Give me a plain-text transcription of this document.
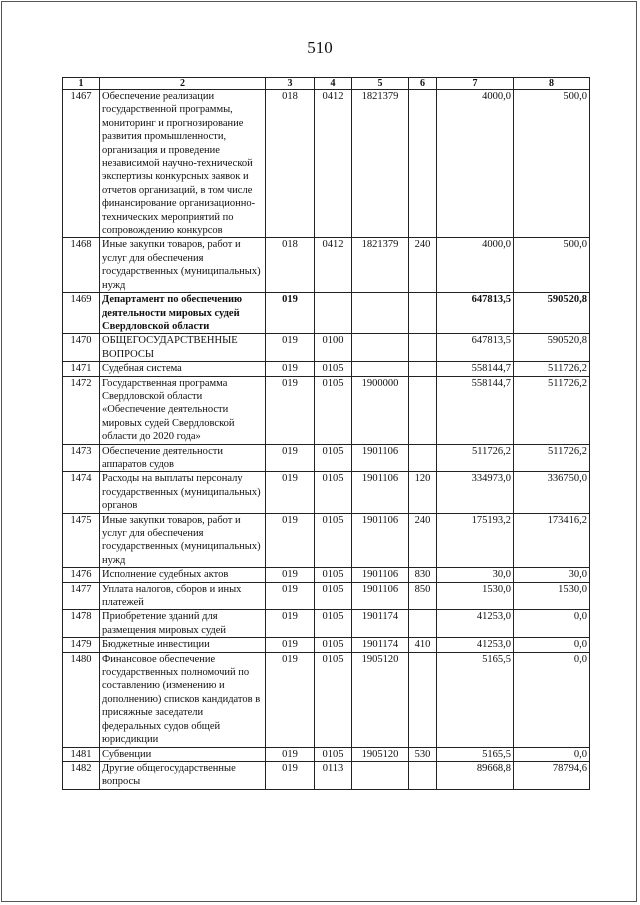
510
1	2	3	4	5	6	7	8
1467	Обеспечение реализации государственной программы, мониторинг и прогнозирование развития промышленности, организация и проведение независимой научно-технической экспертизы конкурсных заявок и отчетов организаций, в том числе финансирование организационно-технических мероприятий по сопровождению конкурсов	018	0412	1821379		4000,0	500,0
1468	Иные закупки товаров, работ и услуг для обеспечения государственных (муниципальных) нужд	018	0412	1821379	240	4000,0	500,0
1469	Департамент по обеспечению деятельности мировых судей Свердловской области	019				647813,5	590520,8
1470	ОБЩЕГОСУДАРСТВЕННЫЕ ВОПРОСЫ	019	0100			647813,5	590520,8
1471	Судебная система	019	0105			558144,7	511726,2
1472	Государственная программа Свердловской области «Обеспечение деятельности мировых судей Свердловской области до 2020 года»	019	0105	1900000		558144,7	511726,2
1473	Обеспечение деятельности аппаратов судов	019	0105	1901106		511726,2	511726,2
1474	Расходы на выплаты персоналу государственных (муниципальных) органов	019	0105	1901106	120	334973,0	336750,0
1475	Иные закупки товаров, работ и услуг для обеспечения государственных (муниципальных) нужд	019	0105	1901106	240	175193,2	173416,2
1476	Исполнение судебных актов	019	0105	1901106	830	30,0	30,0
1477	Уплата налогов, сборов и иных платежей	019	0105	1901106	850	1530,0	1530,0
1478	Приобретение зданий для размещения мировых судей	019	0105	1901174		41253,0	0,0
1479	Бюджетные инвестиции	019	0105	1901174	410	41253,0	0,0
1480	Финансовое обеспечение государственных полномочий по составлению (изменению и дополнению) списков кандидатов в присяжные заседатели федеральных судов общей юрисдикции	019	0105	1905120		5165,5	0,0
1481	Субвенции	019	0105	1905120	530	5165,5	0,0
1482	Другие общегосударственные вопросы	019	0113			89668,8	78794,6
